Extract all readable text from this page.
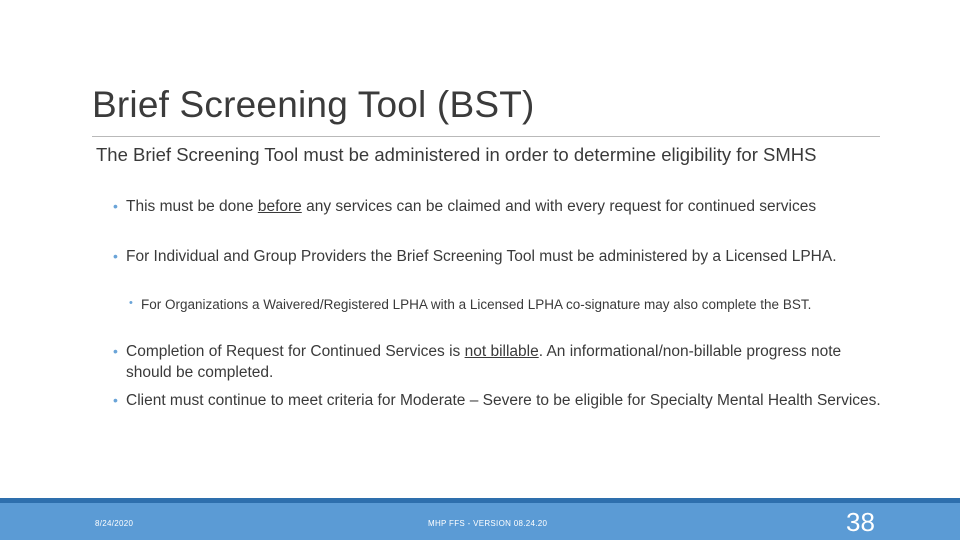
Brief Screening Tool (BST)
The Brief Screening Tool must be administered in order to determine eligibility for SMHS
• This must be done before any services can be claimed and with every request for continued services
• For Individual and Group Providers the Brief Screening Tool must be administered by a Licensed LPHA.
• For Organizations a Waivered/Registered LPHA with a Licensed LPHA co-signature may also complete the BST.
• Completion of Request for Continued Services is not billable. An informational/non-billable progress note should be completed.
• Client must continue to meet criteria for Moderate – Severe to be eligible for Specialty Mental Health Services.
8/24/2020	MHP FFS - VERSION 08.24.20	38
